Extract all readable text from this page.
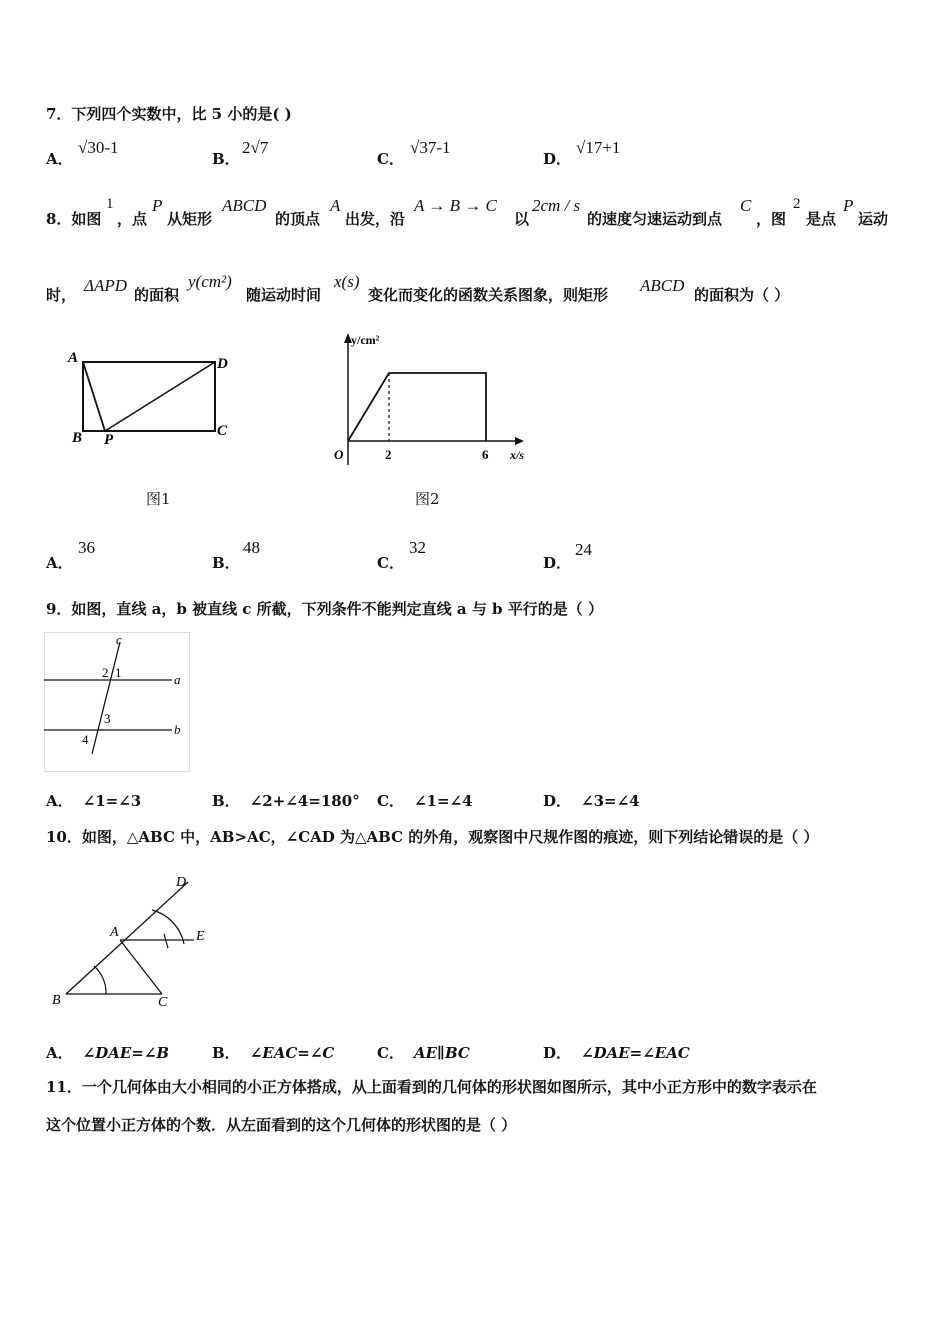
7．下列四个实数中，比 5 小的是( )
A．
√30-1
B．
2√7
C．
√37-1
D．
√17+1
8．如图
1
，点
P
从矩形
ABCD
的顶点
A
出发，沿
A → B → C
以
2cm / s
的速度匀速运动到点
C
，图
2
是点
P
运动
时， ΔAPD 的面积
y(cm²)
随运动时间
x(s)
变化而变化的函数关系图象，则矩形 ABCD 的面积为（ ）
A	D
B P
C
图1
y/cm²
x/s
O	2	6
图2
A．
36
B．
48
C．
32
D．
24
9．如图，直线 a，b 被直线 c 所截，下列条件不能判定直线 a 与 b 平行的是（ ）
c
2 1	a
3
4
b
A． ∠1=∠3	B． ∠2+∠4=180° C． ∠1=∠4	D． ∠3=∠4
10．如图，△ABC 中，AB>AC，∠CAD 为△ABC 的外角，观察图中尺规作图的痕迹，则下列结论错误的是（ ）
D
A	E
B	C
A． ∠DAE=∠B	B． ∠EAC=∠C	C． AE∥BC	D． ∠DAE=∠EAC
11．一个几何体由大小相同的小正方体搭成，从上面看到的几何体的形状图如图所示，其中小正方形中的数字表示在
这个位置小正方体的个数．从左面看到的这个几何体的形状图的是（ ）
